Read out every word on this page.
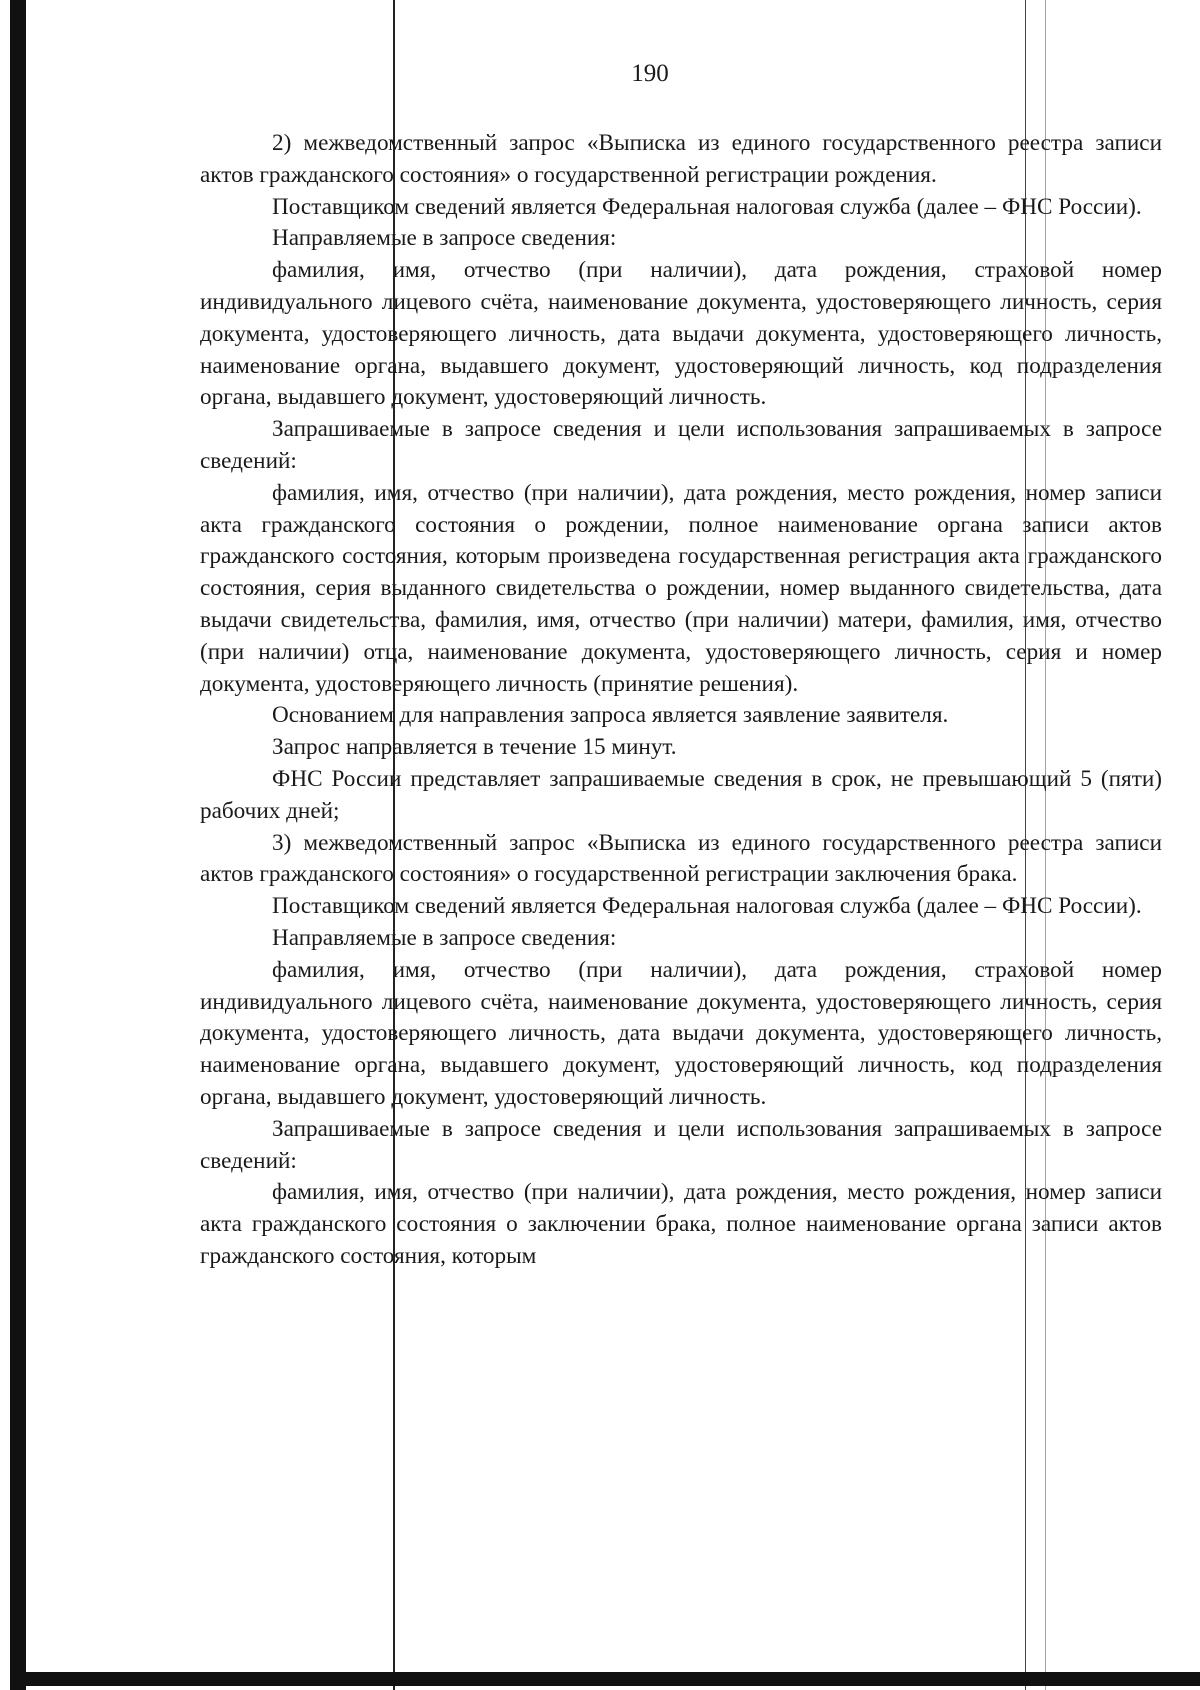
190

2) межведомственный запрос «Выписка из единого государственного реестра записи актов гражданского состояния» о государственной регистрации рождения.

Поставщиком сведений является Федеральная налоговая служба (далее – ФНС России).

Направляемые в запросе сведения:

фамилия, имя, отчество (при наличии), дата рождения, страховой номер индивидуального лицевого счёта, наименование документа, удостоверяющего личность, серия документа, удостоверяющего личность, дата выдачи документа, удостоверяющего личность, наименование органа, выдавшего документ, удостоверяющий личность, код подразделения органа, выдавшего документ, удостоверяющий личность.

Запрашиваемые в запросе сведения и цели использования запрашиваемых в запросе сведений:

фамилия, имя, отчество (при наличии), дата рождения, место рождения, номер записи акта гражданского состояния о рождении, полное наименование органа записи актов гражданского состояния, которым произведена государственная регистрация акта гражданского состояния, серия выданного свидетельства о рождении, номер выданного свидетельства, дата выдачи свидетельства, фамилия, имя, отчество (при наличии) матери, фамилия, имя, отчество (при наличии) отца, наименование документа, удостоверяющего личность, серия и номер документа, удостоверяющего личность (принятие решения).

Основанием для направления запроса является заявление заявителя.

Запрос направляется в течение 15 минут.

ФНС России представляет запрашиваемые сведения в срок, не превышающий 5 (пяти) рабочих дней;

3) межведомственный запрос «Выписка из единого государственного реестра записи актов гражданского состояния» о государственной регистрации заключения брака.

Поставщиком сведений является Федеральная налоговая служба (далее – ФНС России).

Направляемые в запросе сведения:

фамилия, имя, отчество (при наличии), дата рождения, страховой номер индивидуального лицевого счёта, наименование документа, удостоверяющего личность, серия документа, удостоверяющего личность, дата выдачи документа, удостоверяющего личность, наименование органа, выдавшего документ, удостоверяющий личность, код подразделения органа, выдавшего документ, удостоверяющий личность.

Запрашиваемые в запросе сведения и цели использования запрашиваемых в запросе сведений:

фамилия, имя, отчество (при наличии), дата рождения, место рождения, номер записи акта гражданского состояния о заключении брака, полное наименование органа записи актов гражданского состояния, которым
